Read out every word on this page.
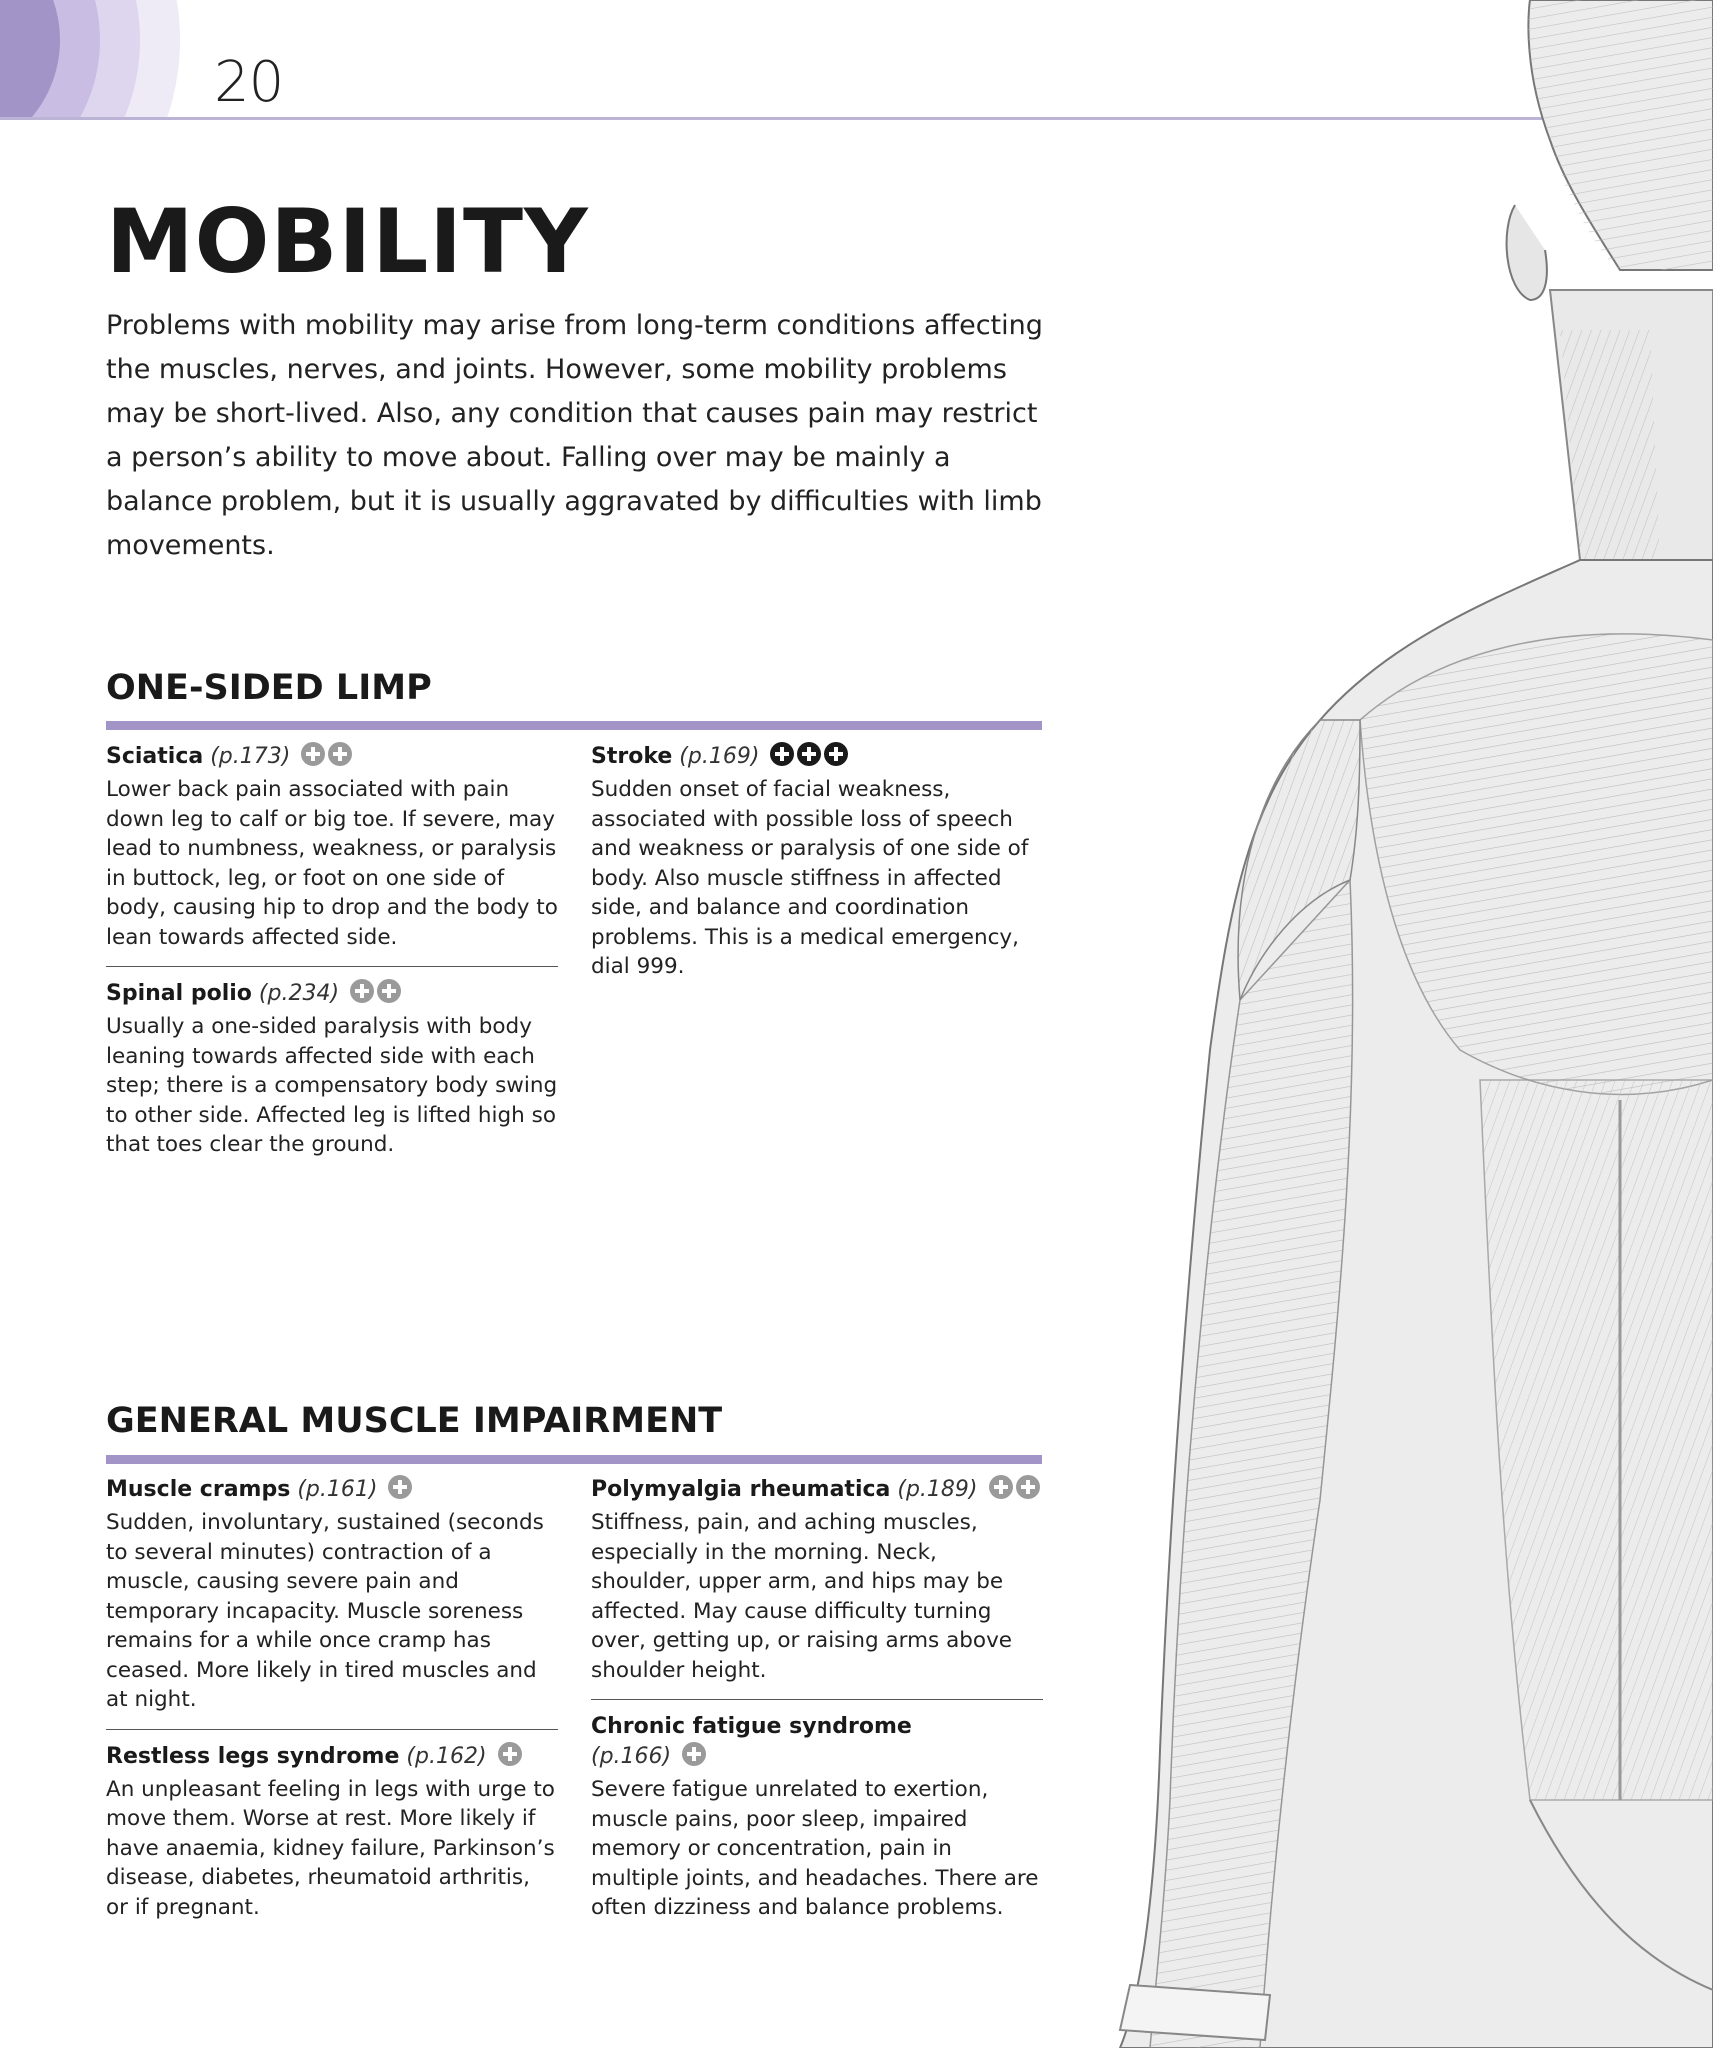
20
MOBILITY

Problems with mobility may arise from long-term conditions affecting the muscles, nerves, and joints. However, some mobility problems may be short-lived. Also, any condition that causes pain may restrict a person’s ability to move about. Falling over may be mainly a balance problem, but it is usually aggravated by difficulties with limb movements.

ONE-SIDED LIMP
Sciatica (p.173)

Lower back pain associated with pain down leg to calf or big toe. If severe, may lead to numbness, weakness, or paralysis in buttock, leg, or foot on one side of body, causing hip to drop and the body to lean towards affected side.

Spinal polio (p.234)

Usually a one-sided paralysis with body leaning towards affected side with each step; there is a compensatory body swing to other side. Affected leg is lifted high so that toes clear the ground.

Stroke (p.169)

Sudden onset of facial weakness, associated with possible loss of speech and weakness or paralysis of one side of body. Also muscle stiffness in affected side, and balance and coordination problems. This is a medical emergency, dial 999.

GENERAL MUSCLE IMPAIRMENT
Muscle cramps (p.161)

Sudden, involuntary, sustained (seconds to several minutes) contraction of a muscle, causing severe pain and temporary incapacity. Muscle soreness remains for a while once cramp has ceased. More likely in tired muscles and at night.

Restless legs syndrome (p.162)

An unpleasant feeling in legs with urge to move them. Worse at rest. More likely if have anaemia, kidney failure, Parkinson’s disease, diabetes, rheumatoid arthritis, or if pregnant.

Polymyalgia rheumatica (p.189)

Stiffness, pain, and aching muscles, especially in the morning. Neck, shoulder, upper arm, and hips may be affected. May cause difficulty turning over, getting up, or raising arms above shoulder height.

Chronic fatigue syndrome
(p.166)

Severe fatigue unrelated to exertion, muscle pains, poor sleep, impaired memory or concentration, pain in multiple joints, and headaches. There are often dizziness and balance problems.
